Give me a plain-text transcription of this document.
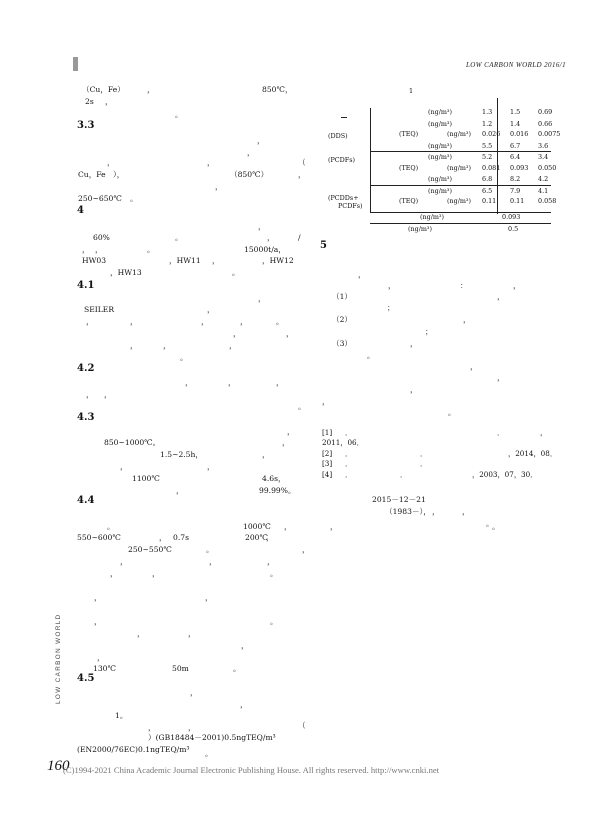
LOW CARBON WORLD 2016/1
（Cu，Fe）	，	850℃，
2s ，
。
3.3
，
，
，	，	（
Cu，Fe ），	（850℃）	，
，
250~650℃ 。
4
60%	。
，
，	/
， ，	。	15000t/a，
HW03	，HW11 ，	，HW12
，HW13	。
4.1
，
SEILER	，
，	，	，	，	。
，	，
，	，	，
。
4.2
，	，	，
， ，
。
4.3
，
850~1000℃。	，
1.5~2.5h，	，
，	，
1100℃	4.6s，
，	99.99%。
4.4
。	1000℃ ，	，	。
550~600℃	， 0.7s	200℃
，
250~550℃	。	，
，	，	，
，	，	。
，	，
，	。
，	，
，
，
130℃	50m	。
4.5
，
，
1。
，	，	（
）(GB18484－2001)0.5ngTEQ/m³
(EN2000/76EC)0.1ngTEQ/m³ 。
LOW CARBON WORLD
1
(ng/m³)	1.3	1.5	0.69
(DDS)
(ng/m³)	1.2	1.4	0.66
(TEQ)	(ng/m³) 0.026 0.016 0.0075
(ng/m³)	5.5	6.7	3.6
(PCDFs)	(ng/m³)	5.2	6.4	3.4
(TEQ)	(ng/m³) 0.081 0.093 0.050
(ng/m³)	6.8	8.2	4.2
(PCDDs+
(ng/m³)	6.5	7.9	4.1
PCDFs)
(TEQ)	(ng/m³) 0.11 0.11 0.058
(ng/m³)	0.093
(ng/m³)	0.5
5
，
，	：	，
（1）	，
；
（2）	，
；
（3）	，
。
，
，
，
，
。
[1] ．	．	，
2011，06．
[2] ．	．	，2014，08．
[3] ．	．
[4] ．	．	，2003，07，30．
2015－12－21
（1983－）， ，	，
。
160
(C)1994-2021 China Academic Journal Electronic Publishing House. All rights reserved. http://www.cnki.net
